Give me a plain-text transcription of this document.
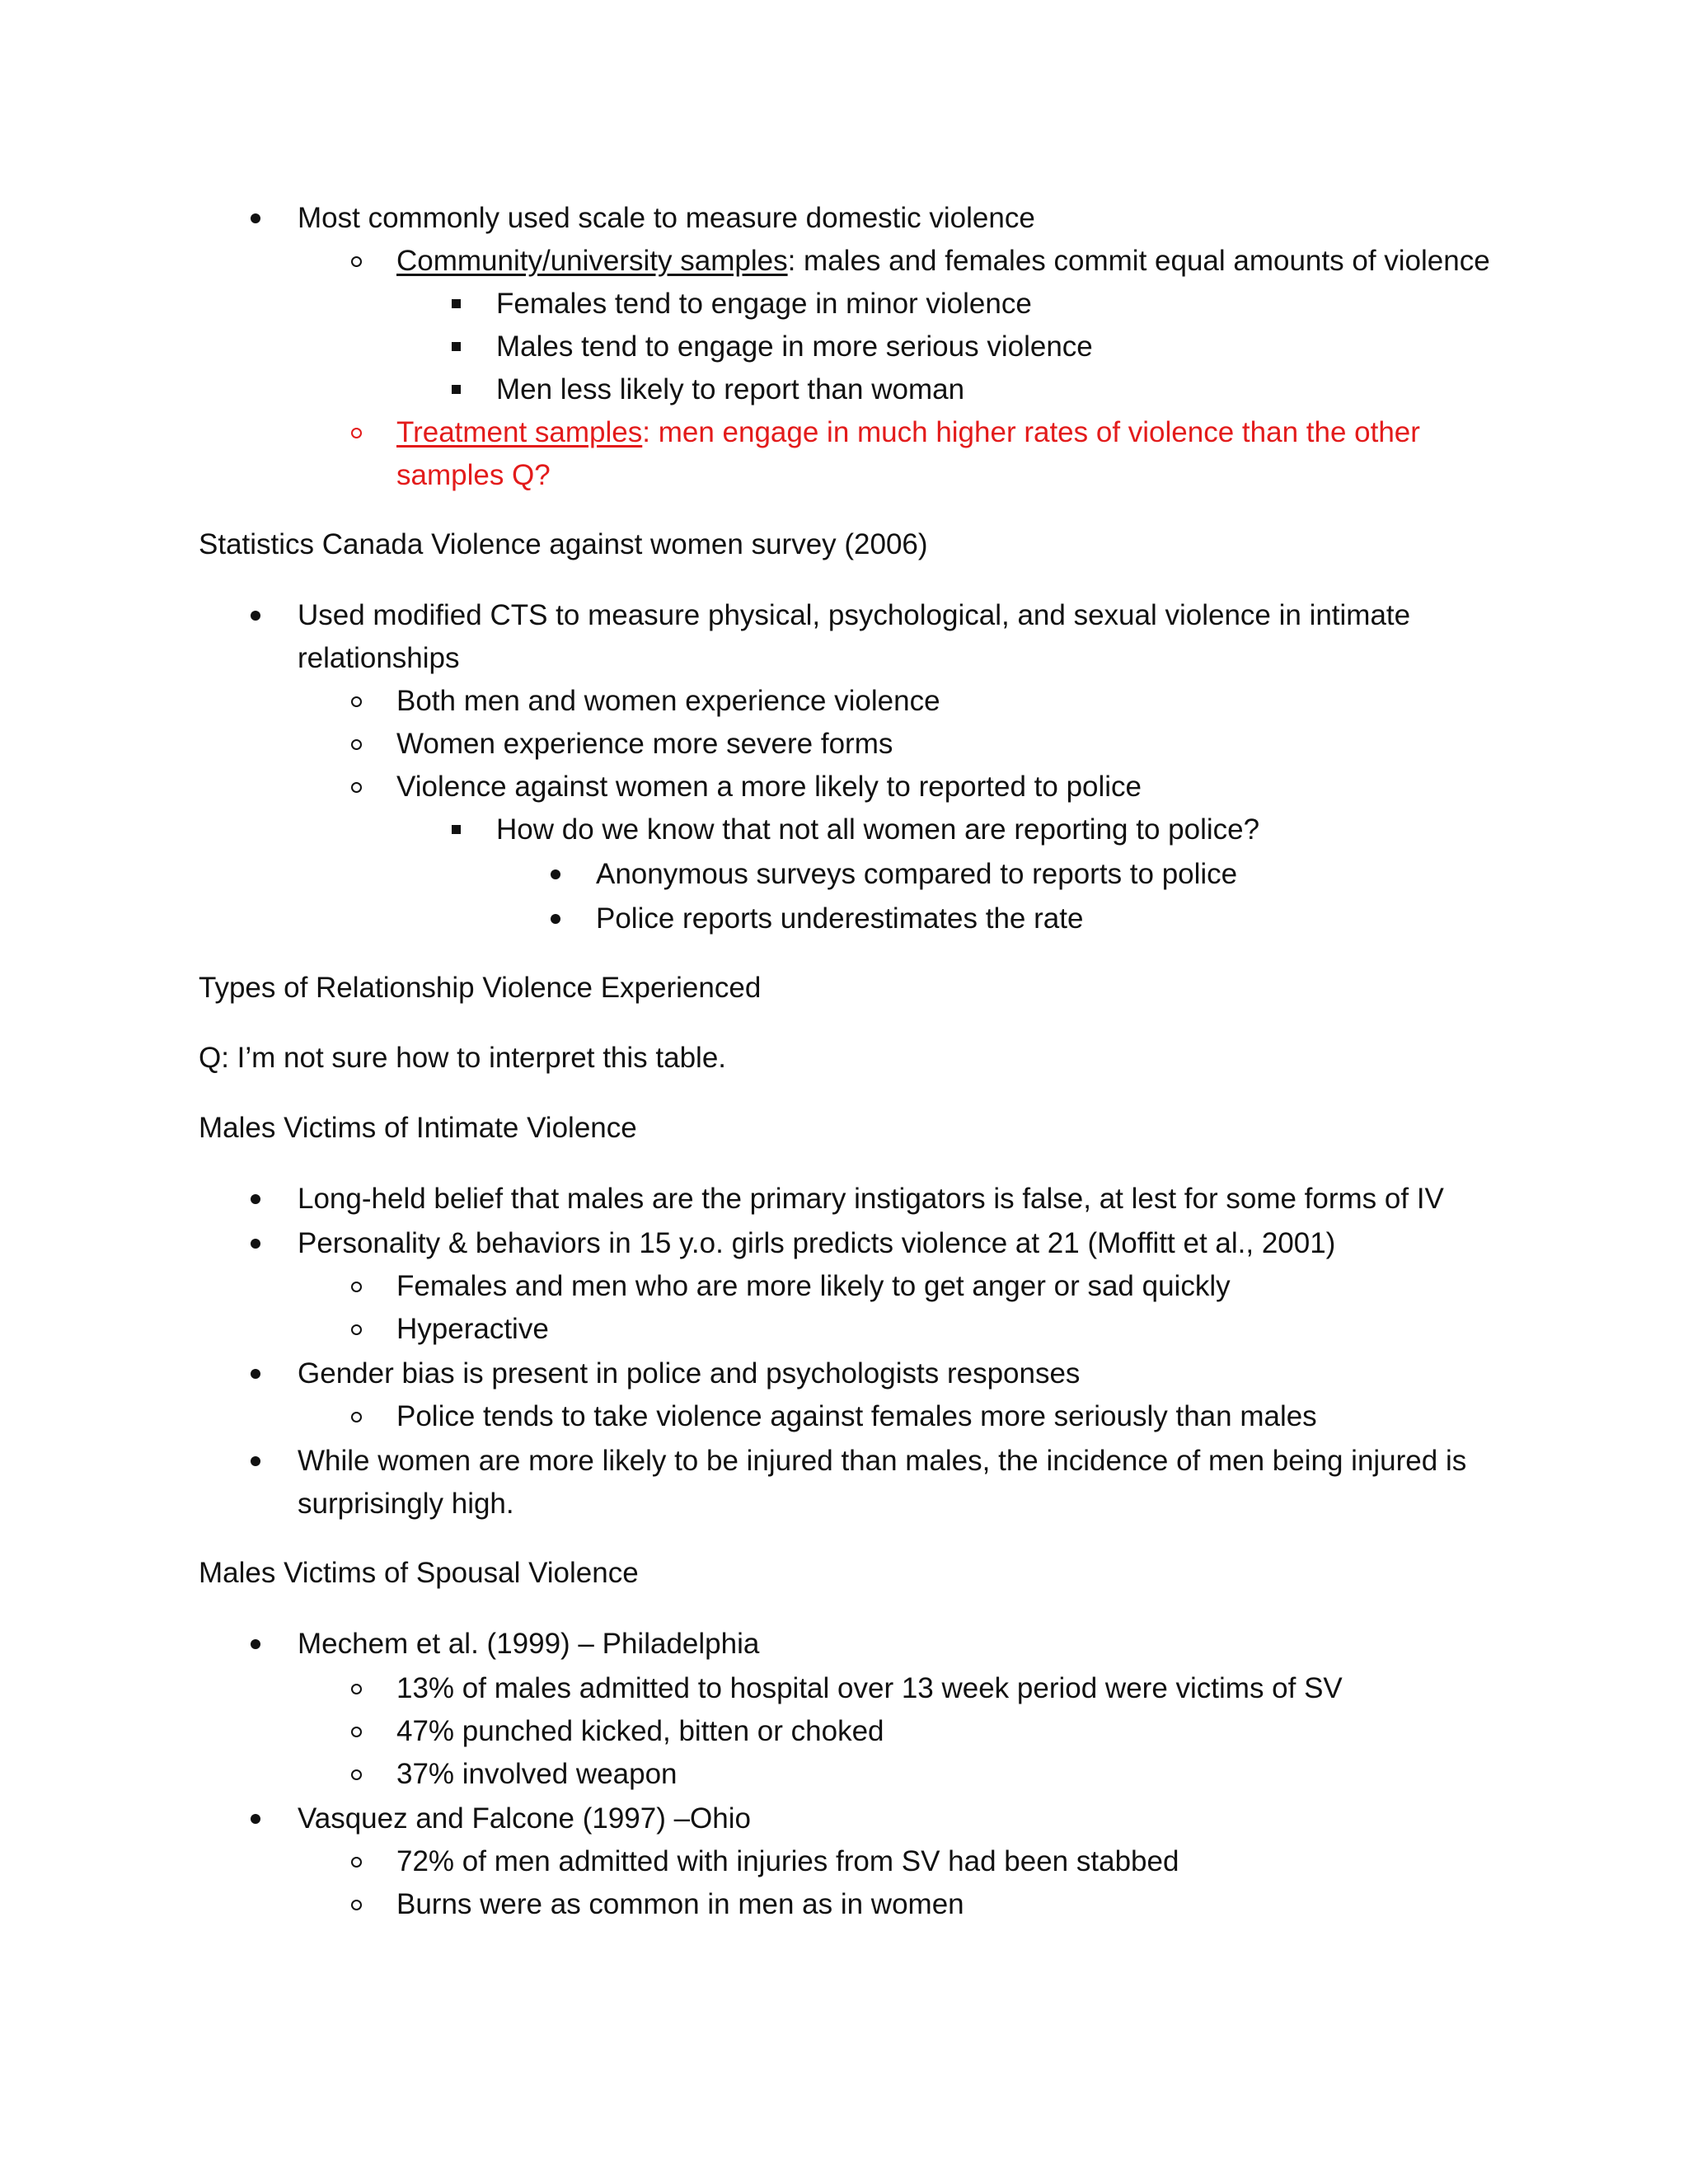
Most commonly used scale to measure domestic violence
Community/university samples: males and females commit equal amounts of violence
Females tend to engage in minor violence
Males tend to engage in more serious violence
Men less likely to report than woman
Treatment samples: men engage in much higher rates of violence than the other
samples Q?
Statistics Canada Violence against women survey (2006)
Used modified CTS to measure physical, psychological, and sexual violence in intimate
relationships
Both men and women experience violence
Women experience more severe forms
Violence against women a more likely to reported to police
How do we know that not all women are reporting to police?
Anonymous surveys compared to reports to police
Police reports underestimates the rate
Types of Relationship Violence Experienced
Q: I’m not sure how to interpret this table.
Males Victims of Intimate Violence
Long-held belief that males are the primary instigators is false, at lest for some forms of IV
Personality & behaviors in 15 y.o. girls predicts violence at 21 (Moffitt et al., 2001)
Females and men who are more likely to get anger or sad quickly
Hyperactive
Gender bias is present in police and psychologists responses
Police tends to take violence against females more seriously than males
While women are more likely to be injured than males, the incidence of men being injured is
surprisingly high.
Males Victims of Spousal Violence
Mechem et al. (1999) – Philadelphia
13% of males admitted to hospital over 13 week period were victims of SV
47% punched kicked, bitten or choked
37% involved weapon
Vasquez and Falcone (1997) –Ohio
72% of men admitted with injuries from SV had been stabbed
Burns were as common in men as in women
